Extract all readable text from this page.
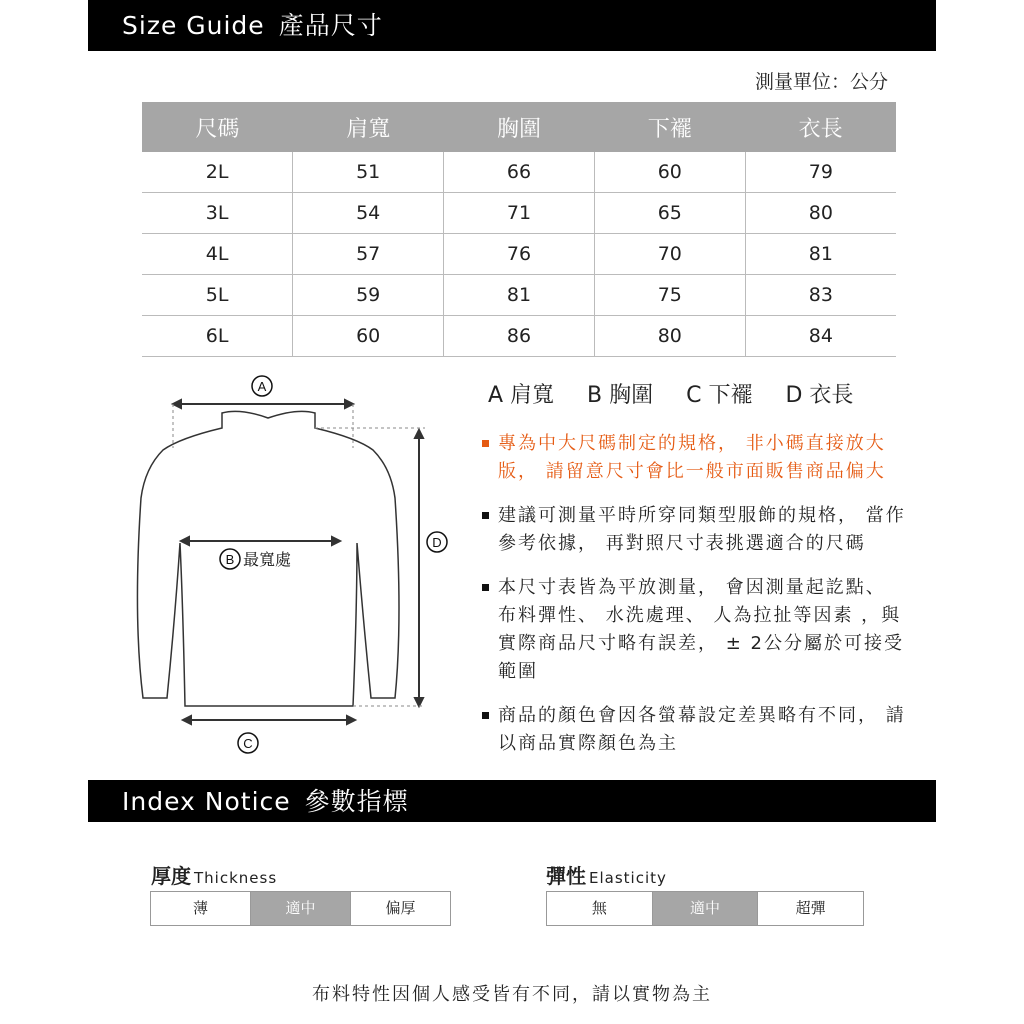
Size Guide 產品尺寸
測量單位：公分
尺碼	肩寬	胸圍	下襬	衣長
2L	51	66	60	79
3L	54	71	65	80
4L	57	76	70	81
5L	59	81	75	83
6L	60	86	80	84
A
B 最寬處
C
D
A 肩寬 B 胸圍 C 下襬 D 衣長
專為中大尺碼制定的規格， 非小碼直接放大版， 請留意尺寸會比一般市面販售商品偏大
建議可測量平時所穿同類型服飾的規格， 當作參考依據， 再對照尺寸表挑選適合的尺碼
本尺寸表皆為平放測量， 會因測量起訖點、 布料彈性、 水洗處理、 人為拉扯等因素 ，與實際商品尺寸略有誤差， ± 2公分屬於可接受範圍
商品的顏色會因各螢幕設定差異略有不同， 請以商品實際顏色為主
Index Notice 參數指標
厚度 Thickness
薄	適中	偏厚
彈性 Elasticity
無	適中	超彈
布料特性因個人感受皆有不同，請以實物為主
